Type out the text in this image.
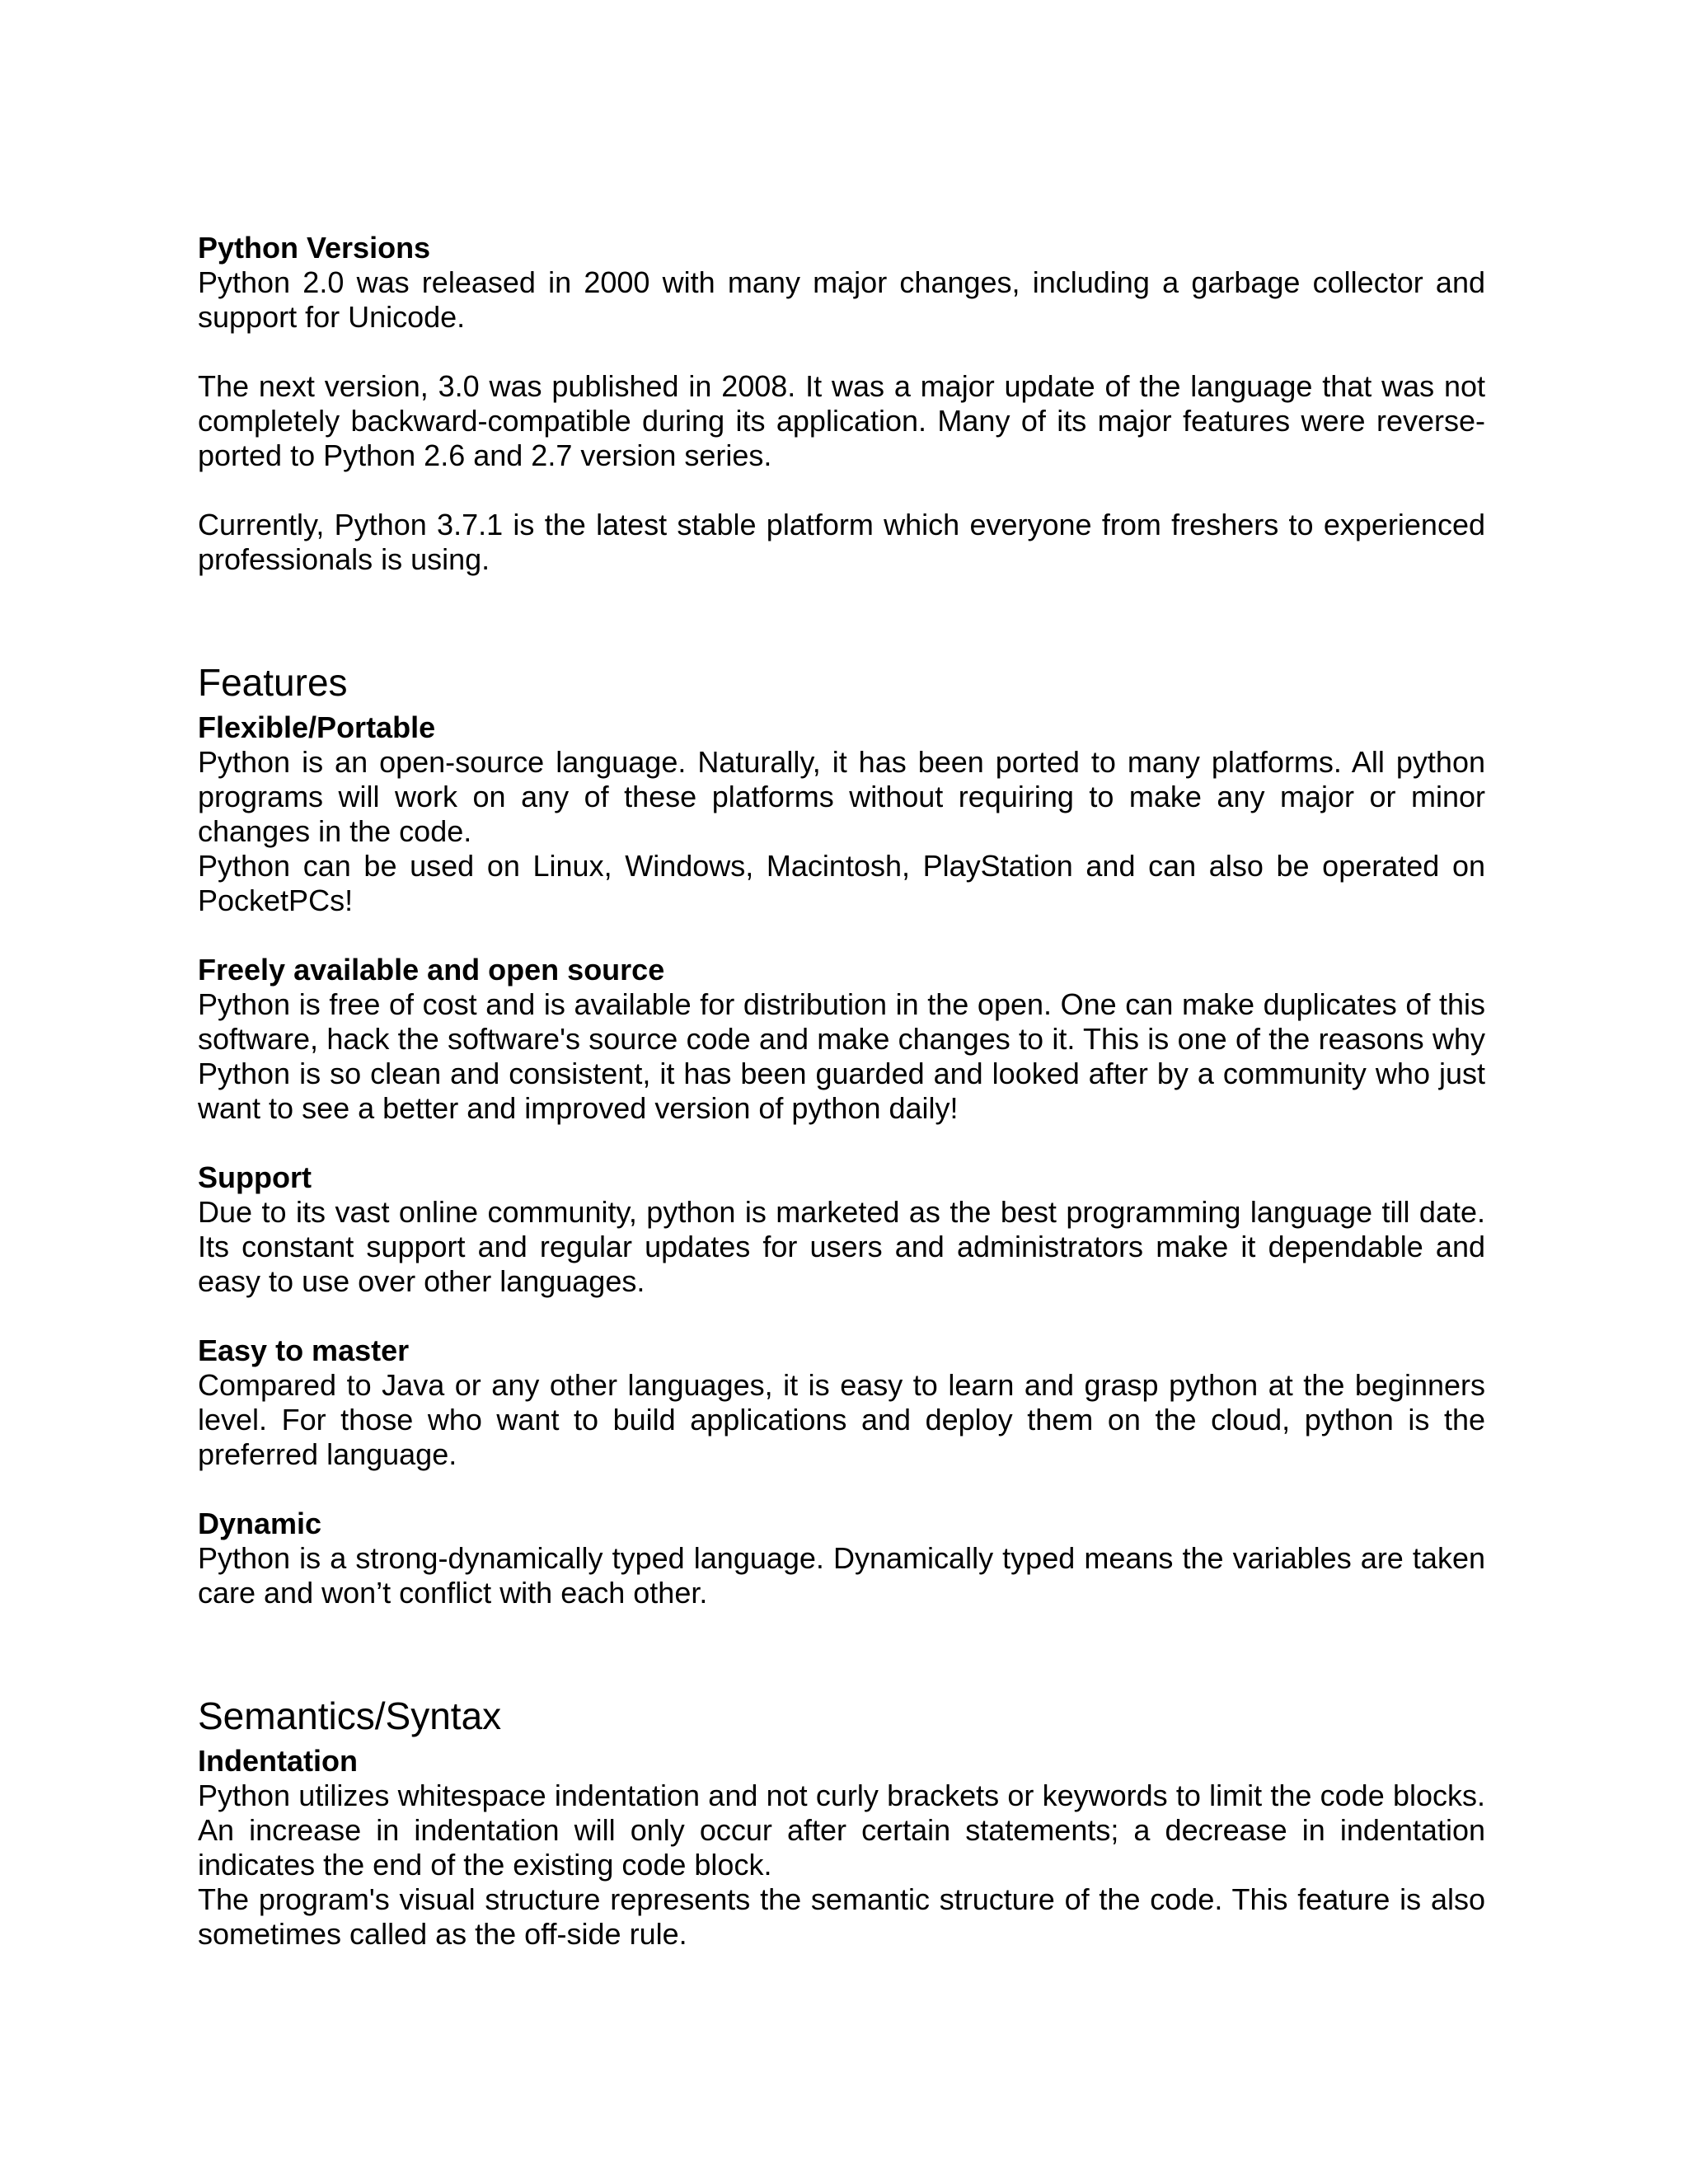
Python Versions

Python 2.0 was released in 2000 with many major changes, including a garbage collector and support for Unicode.

The next version, 3.0 was published in 2008. It was a major update of the language that was not completely backward-compatible during its application. Many of its major features were reverse-ported to Python 2.6 and 2.7 version series.

Currently, Python 3.7.1 is the latest stable platform which everyone from freshers to experienced professionals is using.

Features
Flexible/Portable

Python is an open-source language. Naturally, it has been ported to many platforms. All python programs will work on any of these platforms without requiring to make any major or minor changes in the code.

Python can be used on Linux, Windows, Macintosh, PlayStation and can also be operated on PocketPCs!

Freely available and open source

Python is free of cost and is available for distribution in the open. One can make duplicates of this software, hack the software's source code and make changes to it. This is one of the reasons why Python is so clean and consistent, it has been guarded and looked after by a community who just want to see a better and improved version of python daily!

Support

Due to its vast online community, python is marketed as the best programming language till date. Its constant support and regular updates for users and administrators make it dependable and easy to use over other languages.

Easy to master

Compared to Java or any other languages, it is easy to learn and grasp python at the beginners level. For those who want to build applications and deploy them on the cloud, python is the preferred language.

Dynamic

Python is a strong-dynamically typed language. Dynamically typed means the variables are taken care and won’t conflict with each other.

Semantics/Syntax
Indentation

Python utilizes whitespace indentation and not curly brackets or keywords to limit the code blocks. An increase in indentation will only occur after certain statements; a decrease in indentation indicates the end of the existing code block.

The program's visual structure represents the semantic structure of the code. This feature is also sometimes called as the off-side rule.
